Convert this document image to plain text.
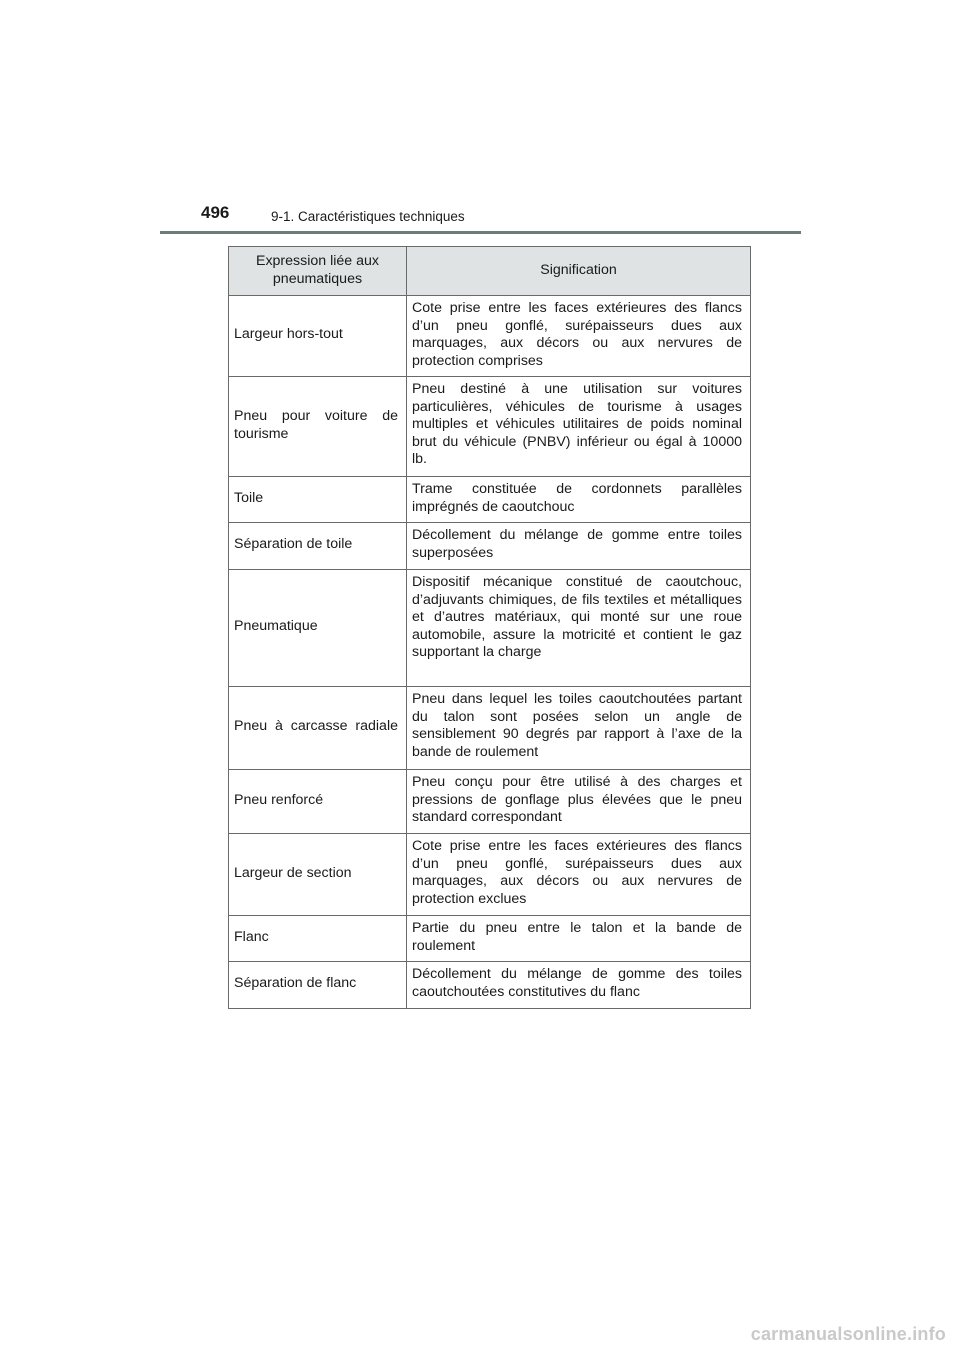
496	9-1. Caractéristiques techniques
Expression liée aux pneumatiques	Signification
Largeur hors-tout	Cote prise entre les faces extérieures des flancs d’un pneu gonflé, surépaisseurs dues aux marquages, aux décors ou aux nervures de protection comprises
Pneu pour voiture de tourisme	Pneu destiné à une utilisation sur voitures particulières, véhicules de tourisme à usages multiples et véhicules utilitaires de poids nominal brut du véhicule (PNBV) inférieur ou égal à 10000 lb.
Toile	Trame constituée de cordonnets parallèles imprégnés de caoutchouc
Séparation de toile	Décollement du mélange de gomme entre toiles superposées
Pneumatique	Dispositif mécanique constitué de caoutchouc, d’adjuvants chimiques, de fils textiles et métalliques et d’autres matériaux, qui monté sur une roue automobile, assure la motricité et contient le gaz supportant la charge
Pneu à carcasse radiale	Pneu dans lequel les toiles caoutchoutées partant du talon sont posées selon un angle de sensiblement 90 degrés par rapport à l’axe de la bande de roulement
Pneu renforcé	Pneu conçu pour être utilisé à des charges et pressions de gonflage plus élevées que le pneu standard correspondant
Largeur de section	Cote prise entre les faces extérieures des flancs d’un pneu gonflé, surépaisseurs dues aux marquages, aux décors ou aux nervures de protection exclues
Flanc	Partie du pneu entre le talon et la bande de roulement
Séparation de flanc	Décollement du mélange de gomme des toiles caoutchoutées constitutives du flanc
carmanualsonline.info
